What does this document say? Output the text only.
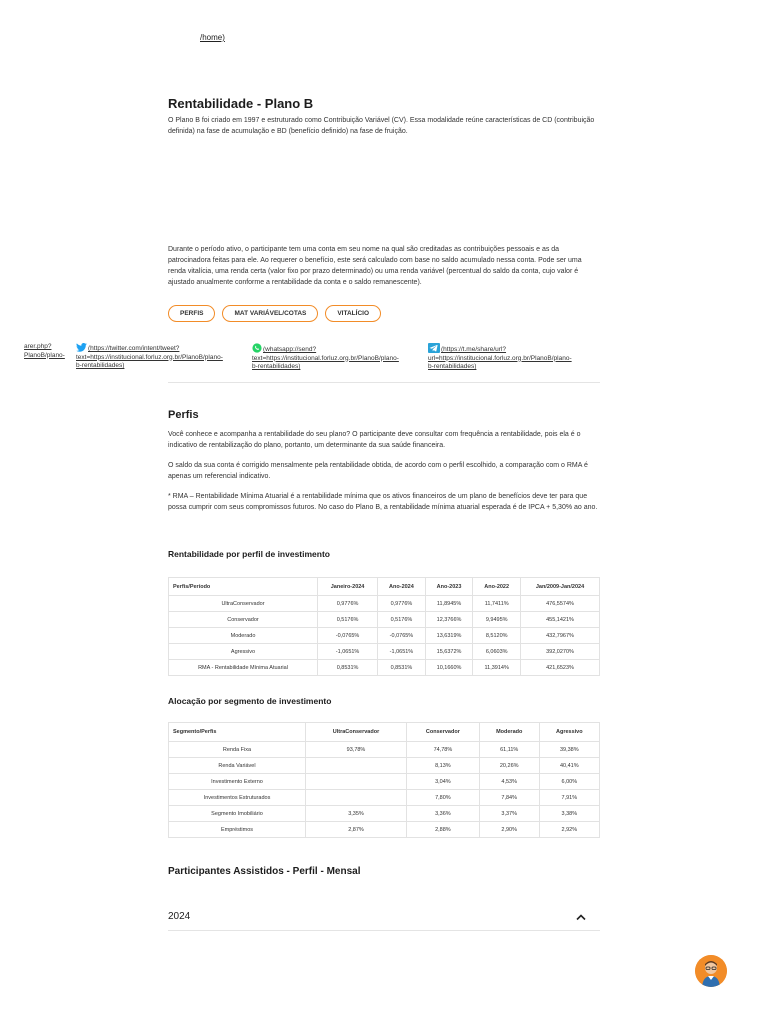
/home)
Rentabilidade - Plano B

O Plano B foi criado em 1997 e estruturado como Contribuição Variável (CV). Essa modalidade reúne características de CD (contribuição definida) na fase de acumulação e BD (benefício definido) na fase de fruição.

Durante o período ativo, o participante tem uma conta em seu nome na qual são creditadas as contribuições pessoais e as da patrocinadora feitas para ele. Ao requerer o benefício, este será calculado com base no saldo acumulado nessa conta. Pode ser uma renda vitalícia, uma renda certa (valor fixo por prazo determinado) ou uma renda variável (percentual do saldo da conta, cujo valor é ajustado anualmente conforme a rentabilidade da conta e o saldo remanescente).

PERFIS	MAT VARIÁVEL/COTAS	VITALÍCIO
arer.php?
PlanoB/plano-
(https://twitter.com/intent/tweet?
text=https://institucional.forluz.org.br/PlanoB/plano-
b-rentabilidades)
(whatsapp://send?
text=https://institucional.forluz.org.br/PlanoB/plano-
b-rentabilidades)
(https://t.me/share/url?
url=https://institucional.forluz.org.br/PlanoB/plano-
b-rentabilidades)
Perfis

Você conhece e acompanha a rentabilidade do seu plano? O participante deve consultar com frequência a rentabilidade, pois ela é o indicativo de rentabilização do plano, portanto, um determinante da sua saúde financeira.

O saldo da sua conta é corrigido mensalmente pela rentabilidade obtida, de acordo com o perfil escolhido, a comparação com o RMA é apenas um referencial indicativo.

* RMA – Rentabilidade Mínima Atuarial é a rentabilidade mínima que os ativos financeiros de um plano de benefícios deve ter para que possa cumprir com seus compromissos futuros. No caso do Plano B, a rentabilidade mínima atuarial esperada é de IPCA + 5,30% ao ano.

Rentabilidade por perfil de investimento
Perfis/Período	Janeiro-2024	Ano-2024	Ano-2023	Ano-2022	Jan/2009-Jan/2024
UltraConservador	0,9776%	0,9776%	11,8945%	11,7411%	476,5574%
Conservador	0,5176%	0,5176%	12,3766%	9,9495%	455,1421%
Moderado	-0,0765%	-0,0765%	13,6319%	8,5120%	432,7967%
Agressivo	-1,0651%	-1,0651%	15,6372%	6,0603%	392,0270%
RMA - Rentabilidade Mínima Atuarial	0,8531%	0,8531%	10,1660%	11,3914%	421,6523%
Alocação por segmento de investimento
Segmento/Perfis	UltraConservador	Conservador	Moderado	Agressivo
Renda Fixa	93,78%	74,78%	61,11%	39,38%
Renda Variável		8,13%	20,26%	40,41%
Investimento Externo		3,04%	4,53%	6,00%
Investimentos Estruturados		7,80%	7,84%	7,91%
Segmento Imobiliário	3,35%	3,36%	3,37%	3,38%
Empréstimos	2,87%	2,88%	2,90%	2,92%
Participantes Assistidos - Perfil - Mensal
2024
